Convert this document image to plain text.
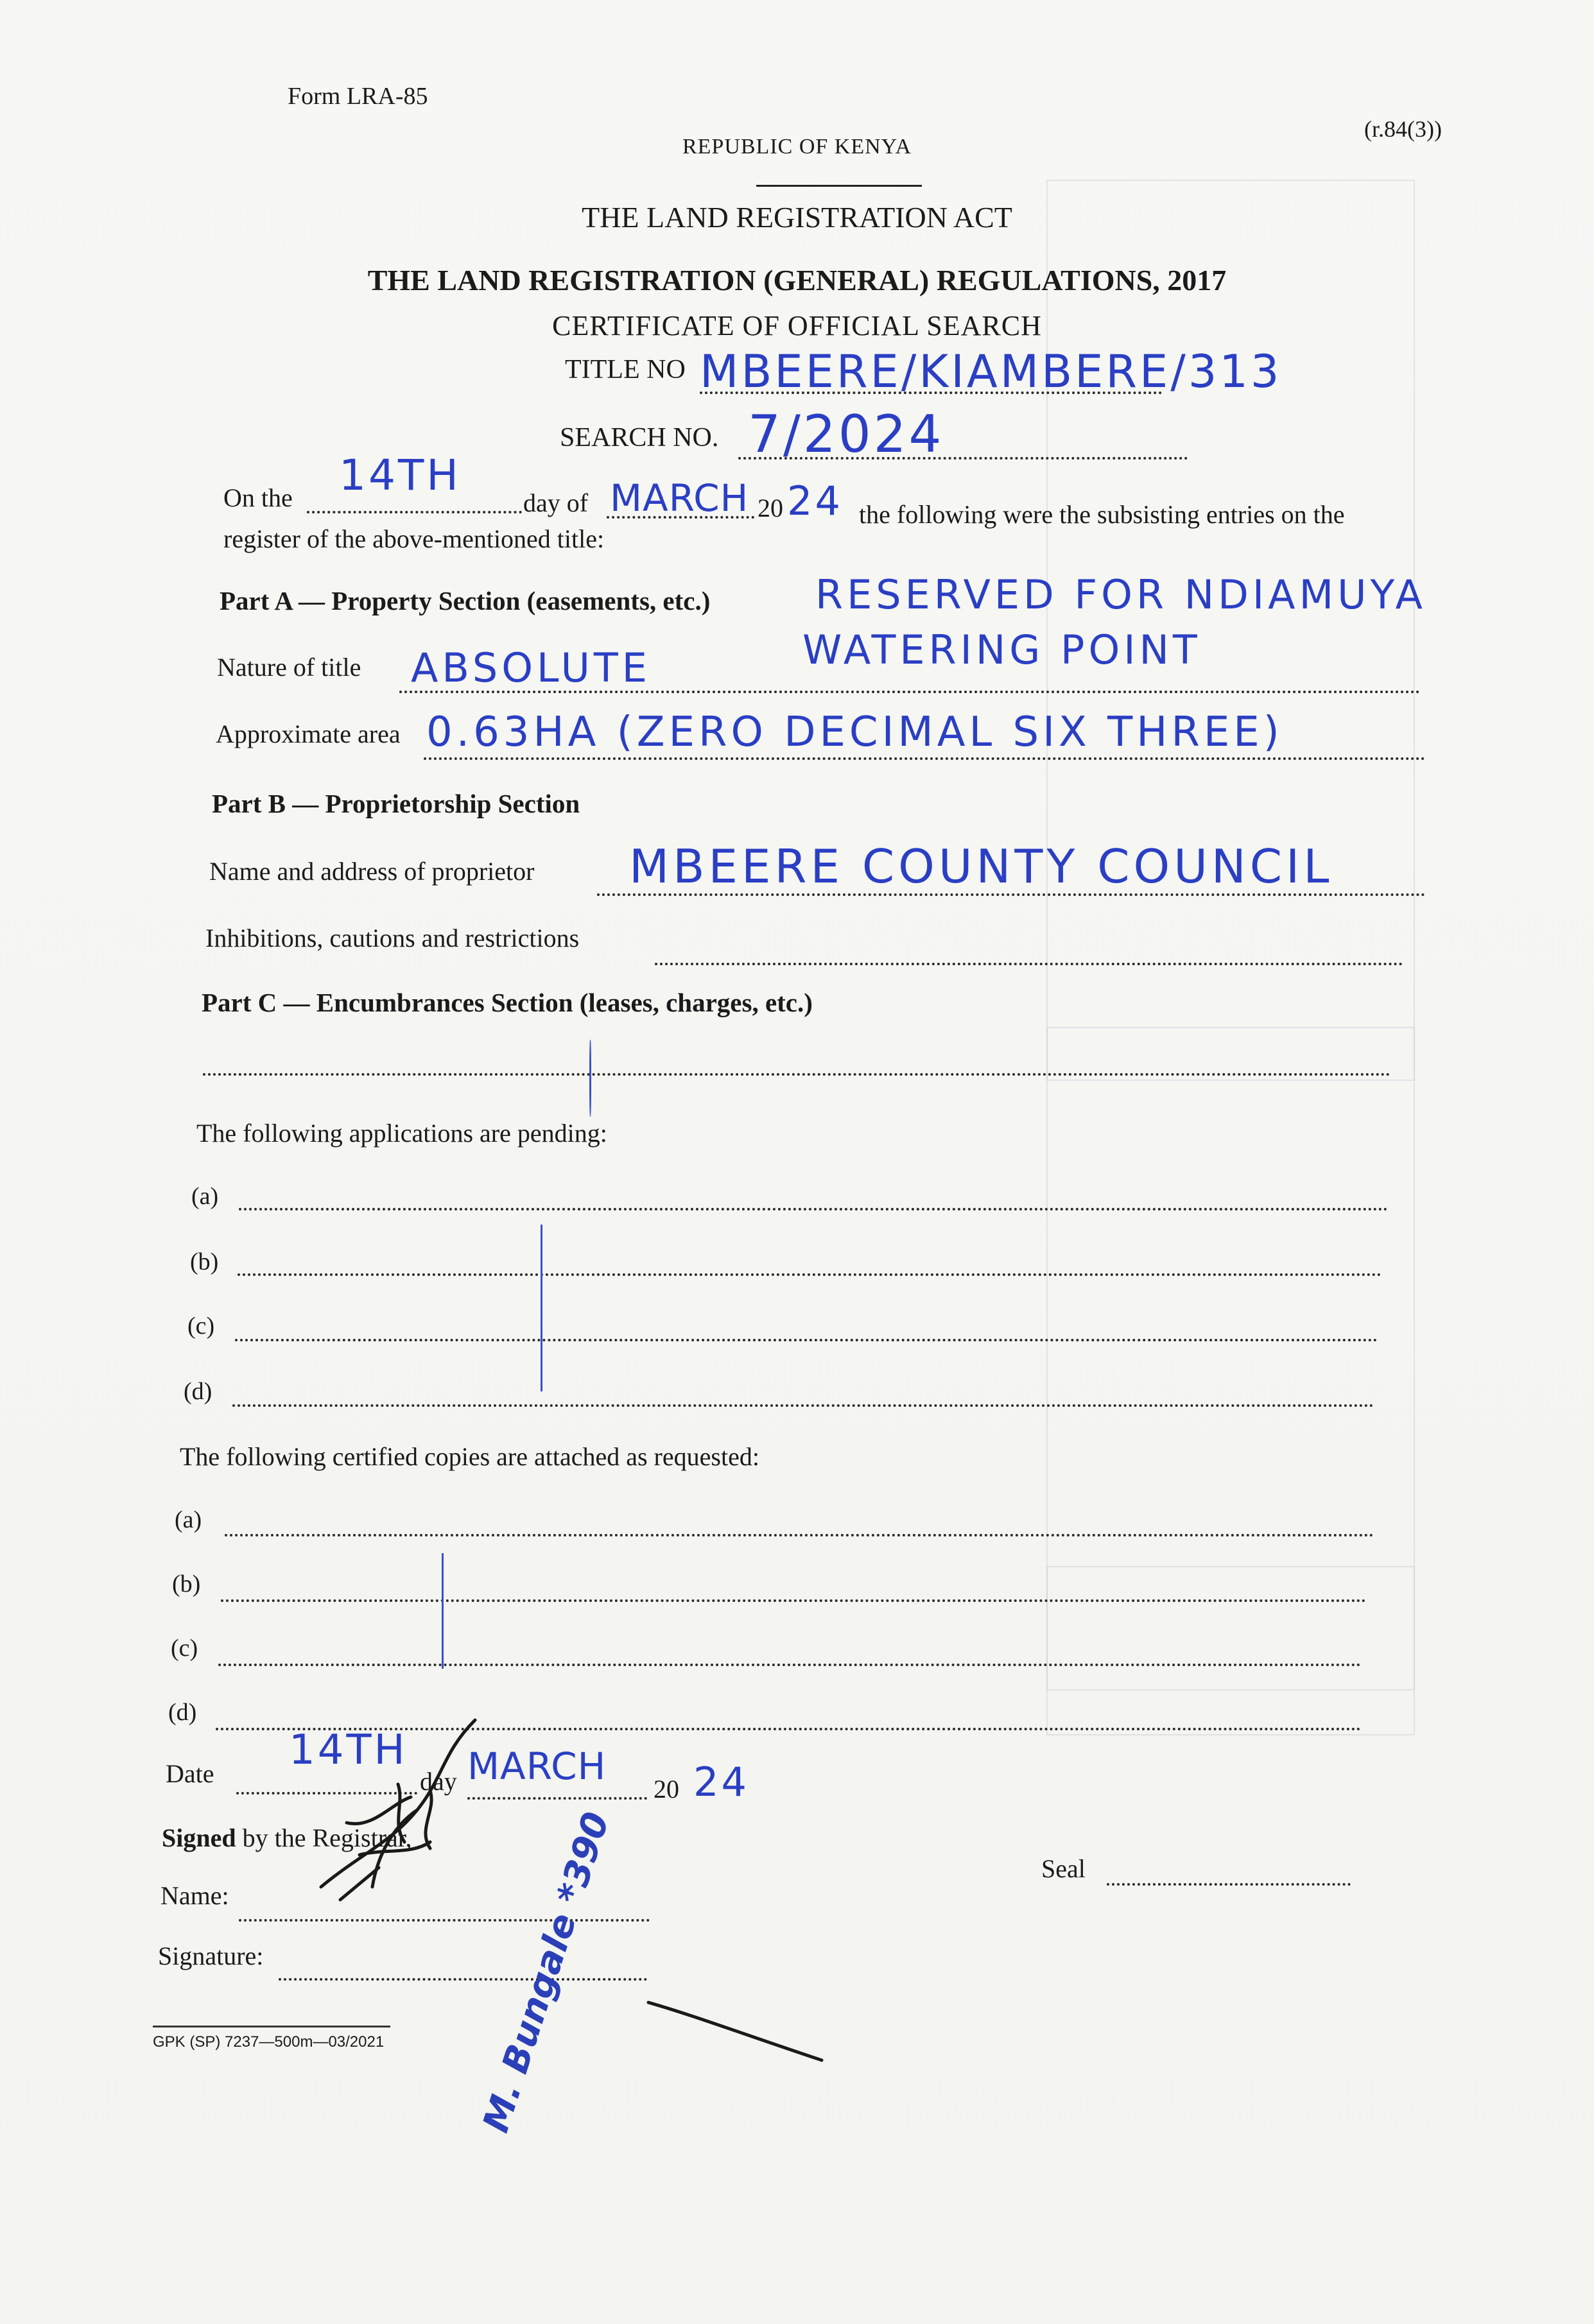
Form LRA-85
(r.84(3))
REPUBLIC OF KENYA
THE LAND REGISTRATION ACT
THE LAND REGISTRATION (GENERAL) REGULATIONS, 2017
CERTIFICATE OF OFFICIAL SEARCH
TITLE NO MBEERE/KIAMBERE/313
SEARCH NO. 7/2024
On the 14TH
day of MARCH 20 24 the following were the subsisting entries on the
register of the above-mentioned title:
Part A — Property Section (easements, etc.)	RESERVED FOR NDIAMUYA
WATERING POINT
Nature of title ABSOLUTE
Approximate area 0.63HA (ZERO DECIMAL SIX THREE)
Part B — Proprietorship Section
Name and address of proprietor MBEERE COUNTY COUNCIL
Inhibitions, cautions and restrictions
Part C — Encumbrances Section (leases, charges, etc.)
The following applications are pending:
(a)
(b)
(c)
(d)
The following certified copies are attached as requested:
(a)
(b)
(c)
(d)
Date 14TH
day MARCH
20 24
Signed by the Registrar,
Seal
Name:
Signature:	M. Bungale *390
GPK (SP) 7237—500m—03/2021
